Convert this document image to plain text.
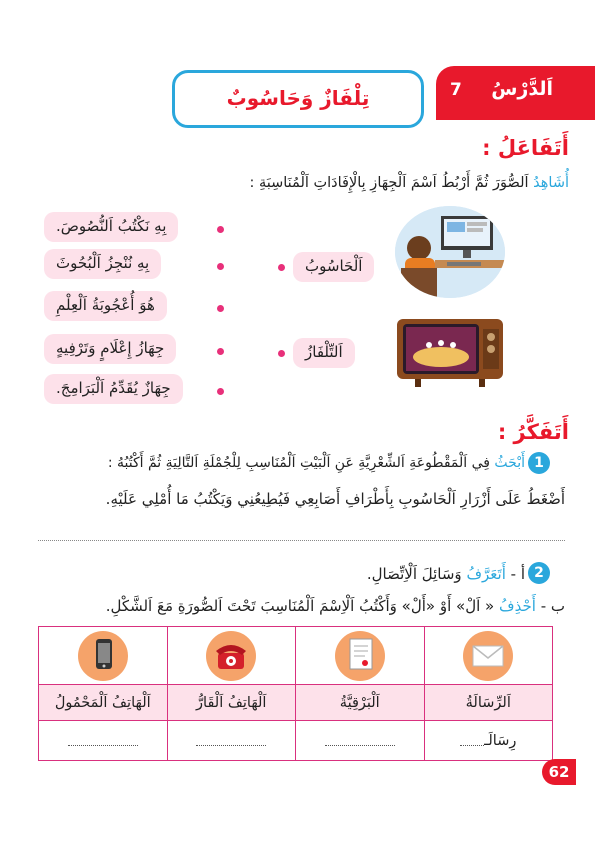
اَلدَّرْسُ
7
تِلْفَازٌ وَحَاسُوبٌ
أَتَفَاعَلُ :
أُشَاهِدُ اَلصُّوَرَ ثُمَّ أَرْبُطُ اَسْمَ اَلْجِهَازِ بِالْإِفَادَاتِ اَلْمُنَاسِبَةِ :
اَلْحَاسُوبُ
اَلتِّلْفَازُ
بِهِ نَكْتُبُ اَلنُّصُوصَ.
بِهِ نُنْجِزُ اَلْبُحُوثَ
هُوَ أُعْجُوبَةُ اَلْعِلْمِ
جِهَازُ إِعْلَامٍ وَتَرْفِيهٍ
جِهَازٌ يُقَدِّمُ اَلْبَرَامِجَ.
أَتَفَكَّرُ :
1
أَبْحَثُ فِي اَلْمَقْطُوعَةِ اَلشِّعْرِيَّةِ عَنِ اَلْبَيْتِ اَلْمُنَاسِبِ لِلْجُمْلَةِ اَلتَّالِيَةِ ثُمَّ أَكْتُبُهُ :
أَضْغَطُ عَلَى أَزْرَارِ اَلْحَاسُوبِ بِأَطْرَافِ أَصَابِعِي فَيُطِيعُنِي وَيَكْتُبُ مَا أُمْلِي عَلَيْهِ.
2
أ - أَتَعَرَّفُ وَسَائِلَ اَلْاِتِّصَالِ.
ب - أَحْذِفُ « اَلْ» أَوْ «أَلْ» وَأَكْتُبُ اَلْاِسْمَ اَلْمُنَاسِبَ تَحْتَ اَلصُّورَةِ مَعَ اَلشَّكْلِ.

اَلرِّسَالَةُ	اَلْبَرْقِيَّةُ	اَلْهَاتِفُ اَلْقَارُّ	اَلْهَاتِفُ اَلْمَحْمُولُ
رِسَالَـ			
62
